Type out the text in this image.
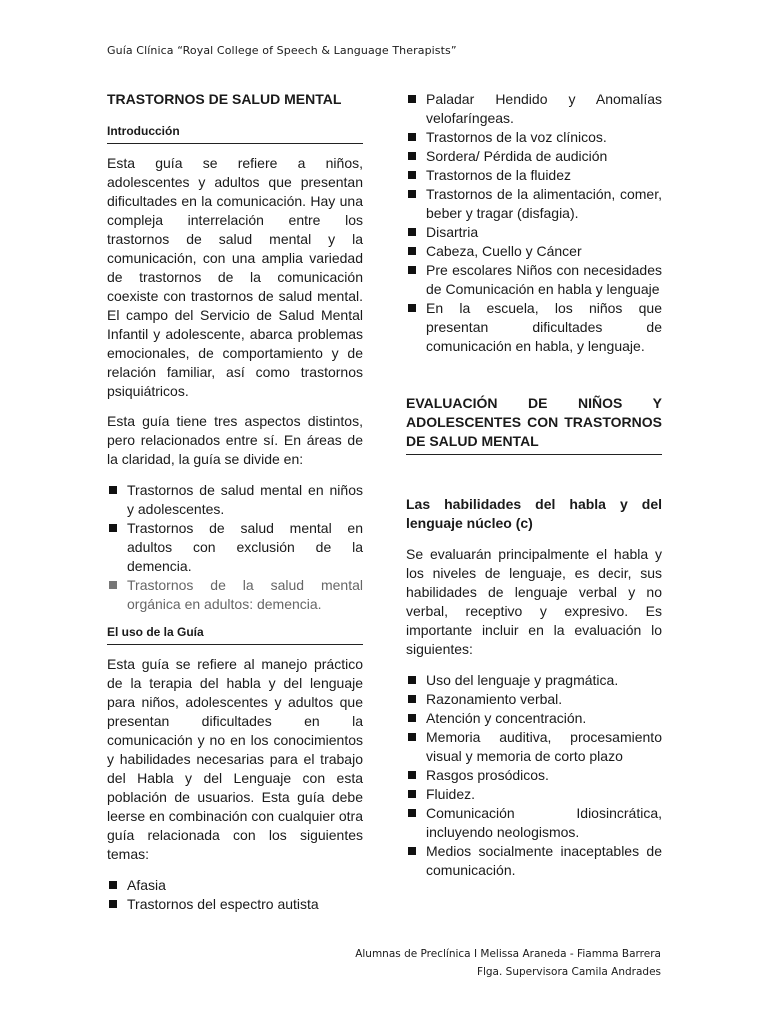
Guía Clínica “Royal College of Speech & Language Therapists”
TRASTORNOS DE SALUD MENTAL
Introducción

Esta guía se refiere a niños, adolescentes y adultos que presentan dificultades en la comunicación. Hay una compleja interrelación entre los trastornos de salud mental y la comunicación, con una amplia variedad de trastornos de la comunicación coexiste con trastornos de salud mental. El campo del Servicio de Salud Mental Infantil y adolescente, abarca problemas emocionales, de comportamiento y de relación familiar, así como trastornos psiquiátricos.

Esta guía tiene tres aspectos distintos, pero relacionados entre sí. En áreas de la claridad, la guía se divide en:

Trastornos de salud mental en niños y adolescentes.
Trastornos de salud mental en adultos con exclusión de la demencia.
Trastornos de la salud mental orgánica en adultos: demencia.
El uso de la Guía

Esta guía se refiere al manejo práctico de la terapia del habla y del lenguaje para niños, adolescentes y adultos que presentan dificultades en la comunicación y no en los conocimientos y habilidades necesarias para el trabajo del Habla y del Lenguaje con esta población de usuarios. Esta guía debe leerse en combinación con cualquier otra guía relacionada con los siguientes temas:

Afasia
Trastornos del espectro autista
Paladar Hendido y Anomalías velofaríngeas.
Trastornos de la voz clínicos.
Sordera/ Pérdida de audición
Trastornos de la fluidez
Trastornos de la alimentación, comer, beber y tragar (disfagia).
Disartria
Cabeza, Cuello y Cáncer
Pre escolares Niños con necesidades de Comunicación en habla y lenguaje
En la escuela, los niños que presentan dificultades de comunicación en habla, y lenguaje.
EVALUACIÓN DE NIÑOS Y ADOLESCENTES CON TRASTORNOS DE SALUD MENTAL
Las habilidades del habla y del lenguaje núcleo (c)

Se evaluarán principalmente el habla y los niveles de lenguaje, es decir, sus habilidades de lenguaje verbal y no verbal, receptivo y expresivo. Es importante incluir en la evaluación lo siguientes:

Uso del lenguaje y pragmática.
Razonamiento verbal.
Atención y concentración.
Memoria auditiva, procesamiento visual y memoria de corto plazo
Rasgos prosódicos.
Fluidez.
Comunicación Idiosincrática, incluyendo neologismos.
Medios socialmente inaceptables de comunicación.
Alumnas de Preclínica I Melissa Araneda - Fiamma Barrera
Flga. Supervisora Camila Andrades
